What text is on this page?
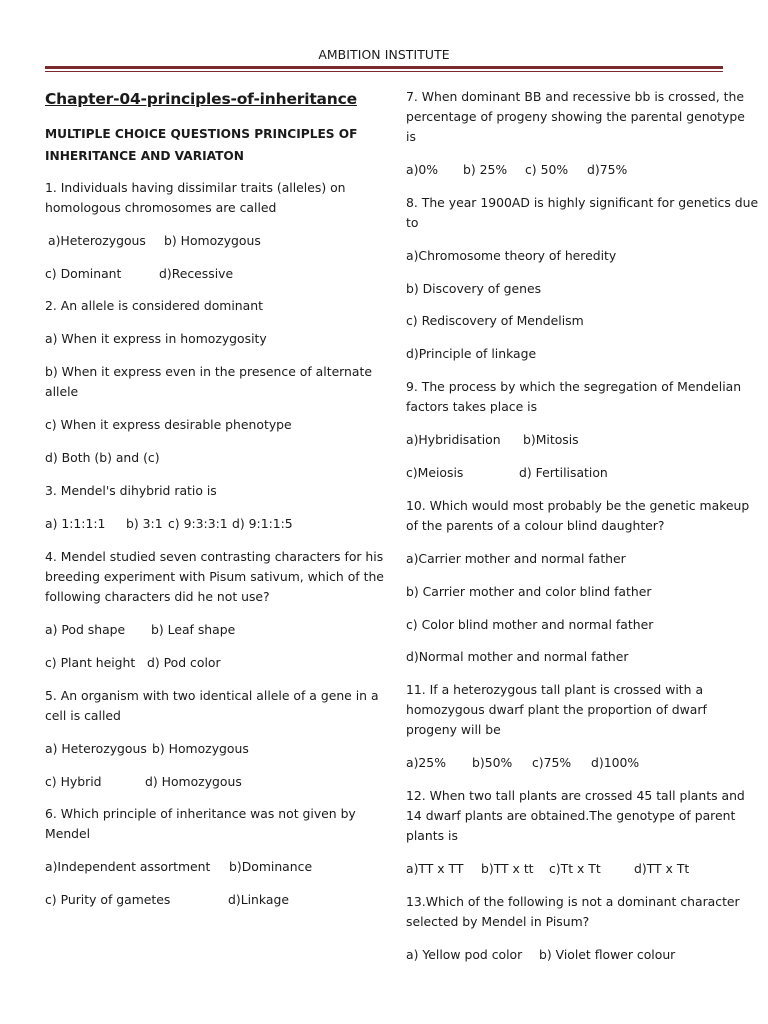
AMBITION INSTITUTE
Chapter-04-principles-of-inheritance
MULTIPLE CHOICE QUESTIONS PRINCIPLES OF
INHERITANCE AND VARIATON
1. Individuals having dissimilar traits (alleles) on
homologous chromosomes are called
a)Heterozygous b) Homozygous
c) Dominant	d)Recessive
2. An allele is considered dominant
a) When it express in homozygosity
b) When it express even in the presence of alternate
allele
c) When it express desirable phenotype
d) Both (b) and (c)
3. Mendel's dihybrid ratio is
a) 1:1:1:1 b) 3:1 c) 9:3:3:1 d) 9:1:1:5
4. Mendel studied seven contrasting characters for his
breeding experiment with Pisum sativum, which of the
following characters did he not use?
a) Pod shape b) Leaf shape
c) Plant height d) Pod color
5. An organism with two identical allele of a gene in a
cell is called
a) Heterozygous b) Homozygous
c) Hybrid	d) Homozygous
6. Which principle of inheritance was not given by
Mendel
a)Independent assortment b)Dominance
c) Purity of gametes	d)Linkage
7. When dominant BB and recessive bb is crossed, the
percentage of progeny showing the parental genotype
is
a)0% b) 25% c) 50% d)75%
8. The year 1900AD is highly significant for genetics due
to
a)Chromosome theory of heredity
b) Discovery of genes
c) Rediscovery of Mendelism
d)Principle of linkage
9. The process by which the segregation of Mendelian
factors takes place is
a)Hybridisation b)Mitosis
c)Meiosis	d) Fertilisation
10. Which would most probably be the genetic makeup
of the parents of a colour blind daughter?
a)Carrier mother and normal father
b) Carrier mother and color blind father
c) Color blind mother and normal father
d)Normal mother and normal father
11. If a heterozygous tall plant is crossed with a
homozygous dwarf plant the proportion of dwarf
progeny will be
a)25% b)50% c)75% d)100%
12. When two tall plants are crossed 45 tall plants and
14 dwarf plants are obtained.The genotype of parent
plants is
a)TT x TT b)TT x tt c)Tt x Tt	d)TT x Tt
13.Which of the following is not a dominant character
selected by Mendel in Pisum?
a) Yellow pod color b) Violet flower colour
